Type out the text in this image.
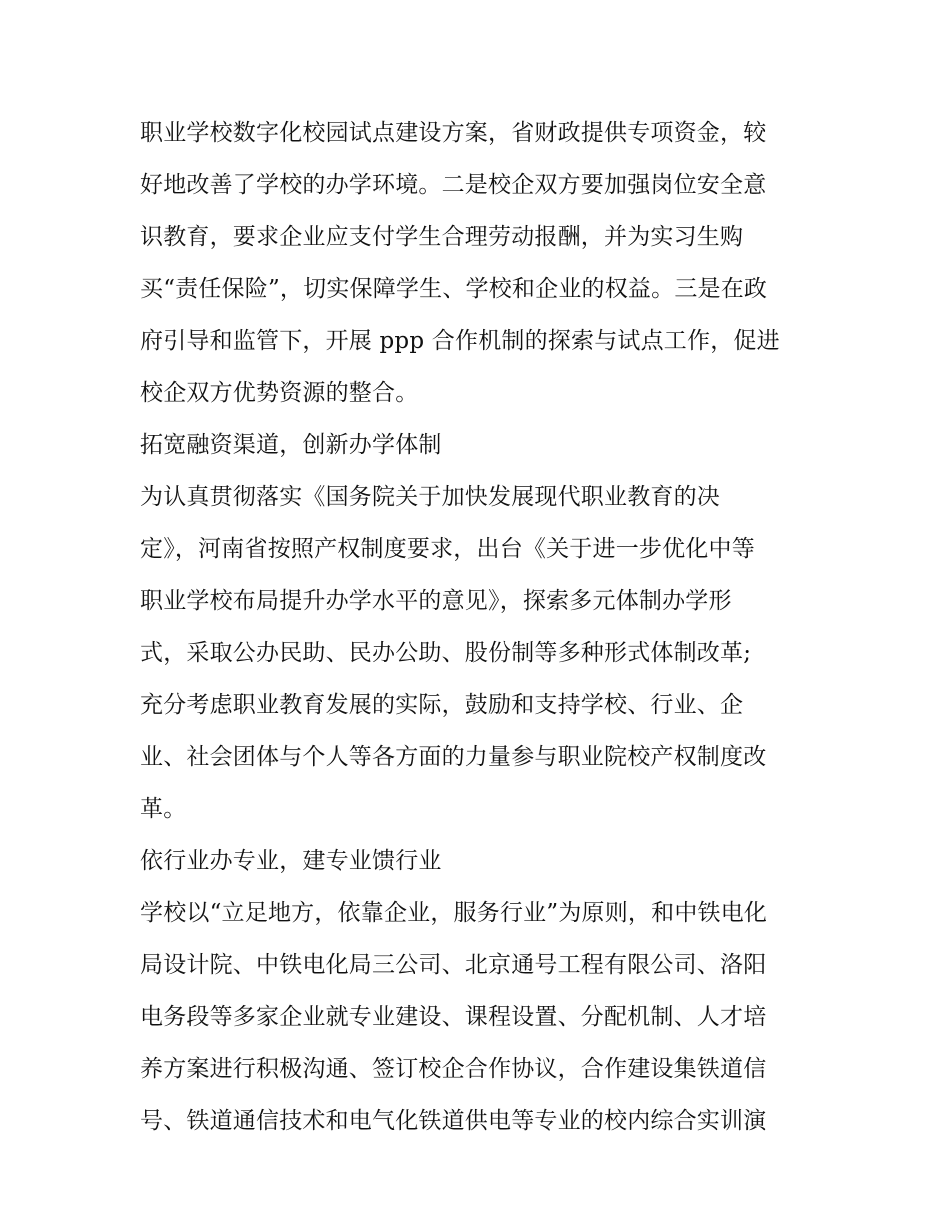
职业学校数字化校园试点建设方案，省财政提供专项资金，较
好地改善了学校的办学环境。二是校企双方要加强岗位安全意
识教育，要求企业应支付学生合理劳动报酬，并为实习生购
买“责任保险”，切实保障学生、学校和企业的权益。三是在政
府引导和监管下，开展 ppp 合作机制的探索与试点工作，促进
校企双方优势资源的整合。
拓宽融资渠道，创新办学体制
为认真贯彻落实《国务院关于加快发展现代职业教育的决
定》，河南省按照产权制度要求，出台《关于进一步优化中等
职业学校布局提升办学水平的意见》，探索多元体制办学形
式，采取公办民助、民办公助、股份制等多种形式体制改革;
充分考虑职业教育发展的实际，鼓励和支持学校、行业、企
业、社会团体与个人等各方面的力量参与职业院校产权制度改
革。
依行业办专业，建专业馈行业
学校以“立足地方，依靠企业，服务行业”为原则，和中铁电化
局设计院、中铁电化局三公司、北京通号工程有限公司、洛阳
电务段等多家企业就专业建设、课程设置、分配机制、人才培
养方案进行积极沟通、签订校企合作协议，合作建设集铁道信
号、铁道通信技术和电气化铁道供电等专业的校内综合实训演
